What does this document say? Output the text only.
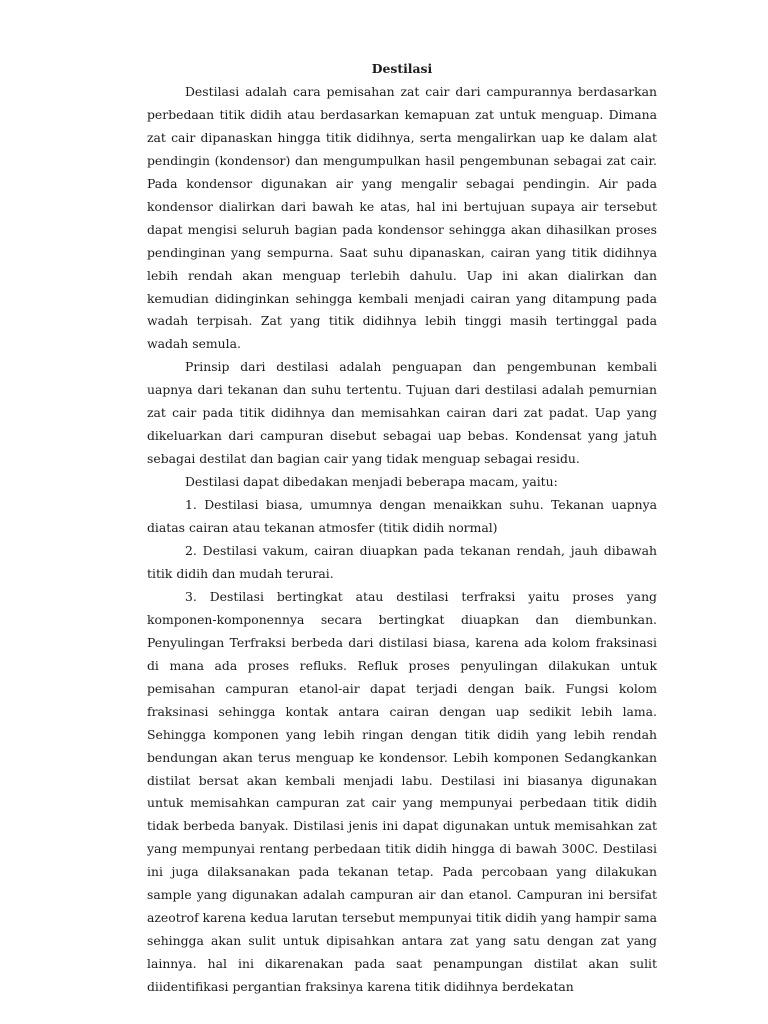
Destilasi

Destilasi adalah cara pemisahan zat cair dari campurannya berdasarkan perbedaan titik didih atau berdasarkan kemapuan zat untuk menguap. Dimana zat cair dipanaskan hingga titik didihnya, serta mengalirkan uap ke dalam alat pendingin (kondensor) dan mengumpulkan hasil pengembunan sebagai zat cair. Pada kondensor digunakan air yang mengalir sebagai pendingin. Air pada kondensor dialirkan dari bawah ke atas, hal ini bertujuan supaya air tersebut dapat mengisi seluruh bagian pada kondensor sehingga akan dihasilkan proses pendinginan yang sempurna. Saat suhu dipanaskan, cairan yang titik didihnya lebih rendah akan menguap terlebih dahulu. Uap ini akan dialirkan dan kemudian didinginkan sehingga kembali menjadi cairan yang ditampung pada wadah terpisah. Zat yang titik didihnya lebih tinggi masih tertinggal pada wadah semula.

Prinsip dari destilasi adalah penguapan dan pengembunan kembali uapnya dari tekanan dan suhu tertentu. Tujuan dari destilasi adalah pemurnian zat cair pada titik didihnya dan memisahkan cairan dari zat padat. Uap yang dikeluarkan dari campuran disebut sebagai uap bebas. Kondensat yang jatuh sebagai destilat dan bagian cair yang tidak menguap sebagai residu.

Destilasi dapat dibedakan menjadi beberapa macam, yaitu:

1. Destilasi biasa, umumnya dengan menaikkan suhu. Tekanan uapnya diatas cairan atau tekanan atmosfer (titik didih normal)

2. Destilasi vakum, cairan diuapkan pada tekanan rendah, jauh dibawah titik didih dan mudah terurai.

3. Destilasi bertingkat atau destilasi terfraksi yaitu proses yang komponen-komponennya secara bertingkat diuapkan dan diembunkan. Penyulingan Terfraksi berbeda dari distilasi biasa, karena ada kolom fraksinasi di mana ada proses refluks. Refluk proses penyulingan dilakukan untuk pemisahan campuran etanol-air dapat terjadi dengan baik. Fungsi kolom fraksinasi sehingga kontak antara cairan dengan uap sedikit lebih lama. Sehingga komponen yang lebih ringan dengan titik didih yang lebih rendah bendungan akan terus menguap ke kondensor. Lebih komponen Sedangkankan distilat bersat akan kembali menjadi labu. Destilasi ini biasanya digunakan untuk memisahkan campuran zat cair yang mempunyai perbedaan titik didih tidak berbeda banyak. Distilasi jenis ini dapat digunakan untuk memisahkan zat yang mempunyai rentang perbedaan titik didih hingga di bawah 300C. Destilasi ini juga dilaksanakan pada tekanan tetap. Pada percobaan yang dilakukan sample yang digunakan adalah campuran air dan etanol. Campuran ini bersifat azeotrof karena kedua larutan tersebut mempunyai titik didih yang hampir sama sehingga akan sulit untuk dipisahkan antara zat yang satu dengan zat yang lainnya. hal ini dikarenakan pada saat penampungan distilat akan sulit diidentifikasi pergantian fraksinya karena titik didihnya berdekatan
